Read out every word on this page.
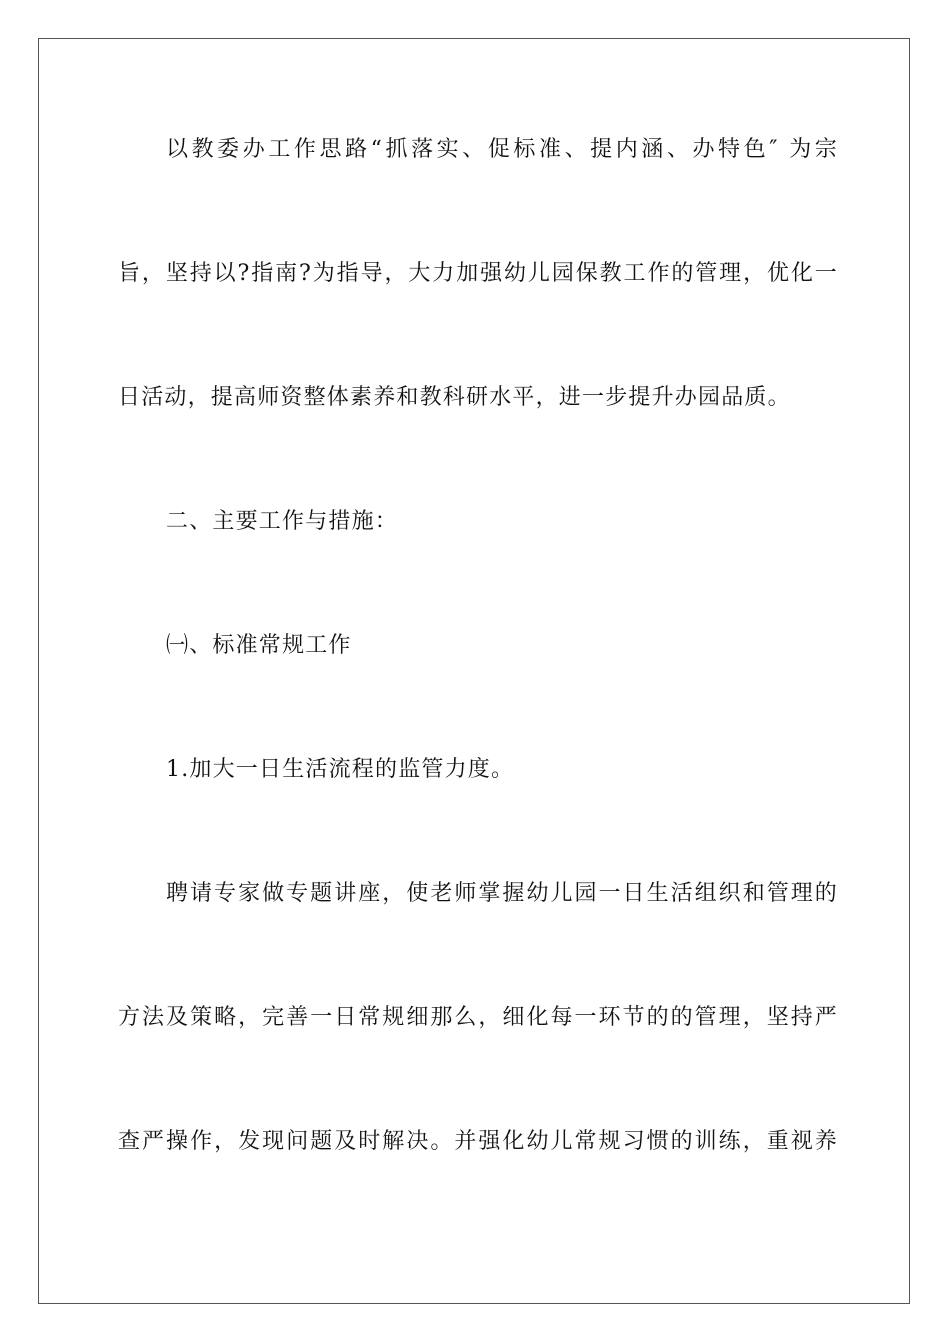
以教委办工作思路“抓落实、促标准、提内涵、办特色″ 为宗
旨，坚持以?指南?为指导，大力加强幼儿园保教工作的管理，优化一
日活动，提高师资整体素养和教科研水平，进一步提升办园品质。
二、主要工作与措施：
㈠、标准常规工作
1.加大一日生活流程的监管力度。
聘请专家做专题讲座，使老师掌握幼儿园一日生活组织和管理的
方法及策略，完善一日常规细那么，细化每一环节的的管理，坚持严
查严操作，发现问题及时解决。并强化幼儿常规习惯的训练，重视养
